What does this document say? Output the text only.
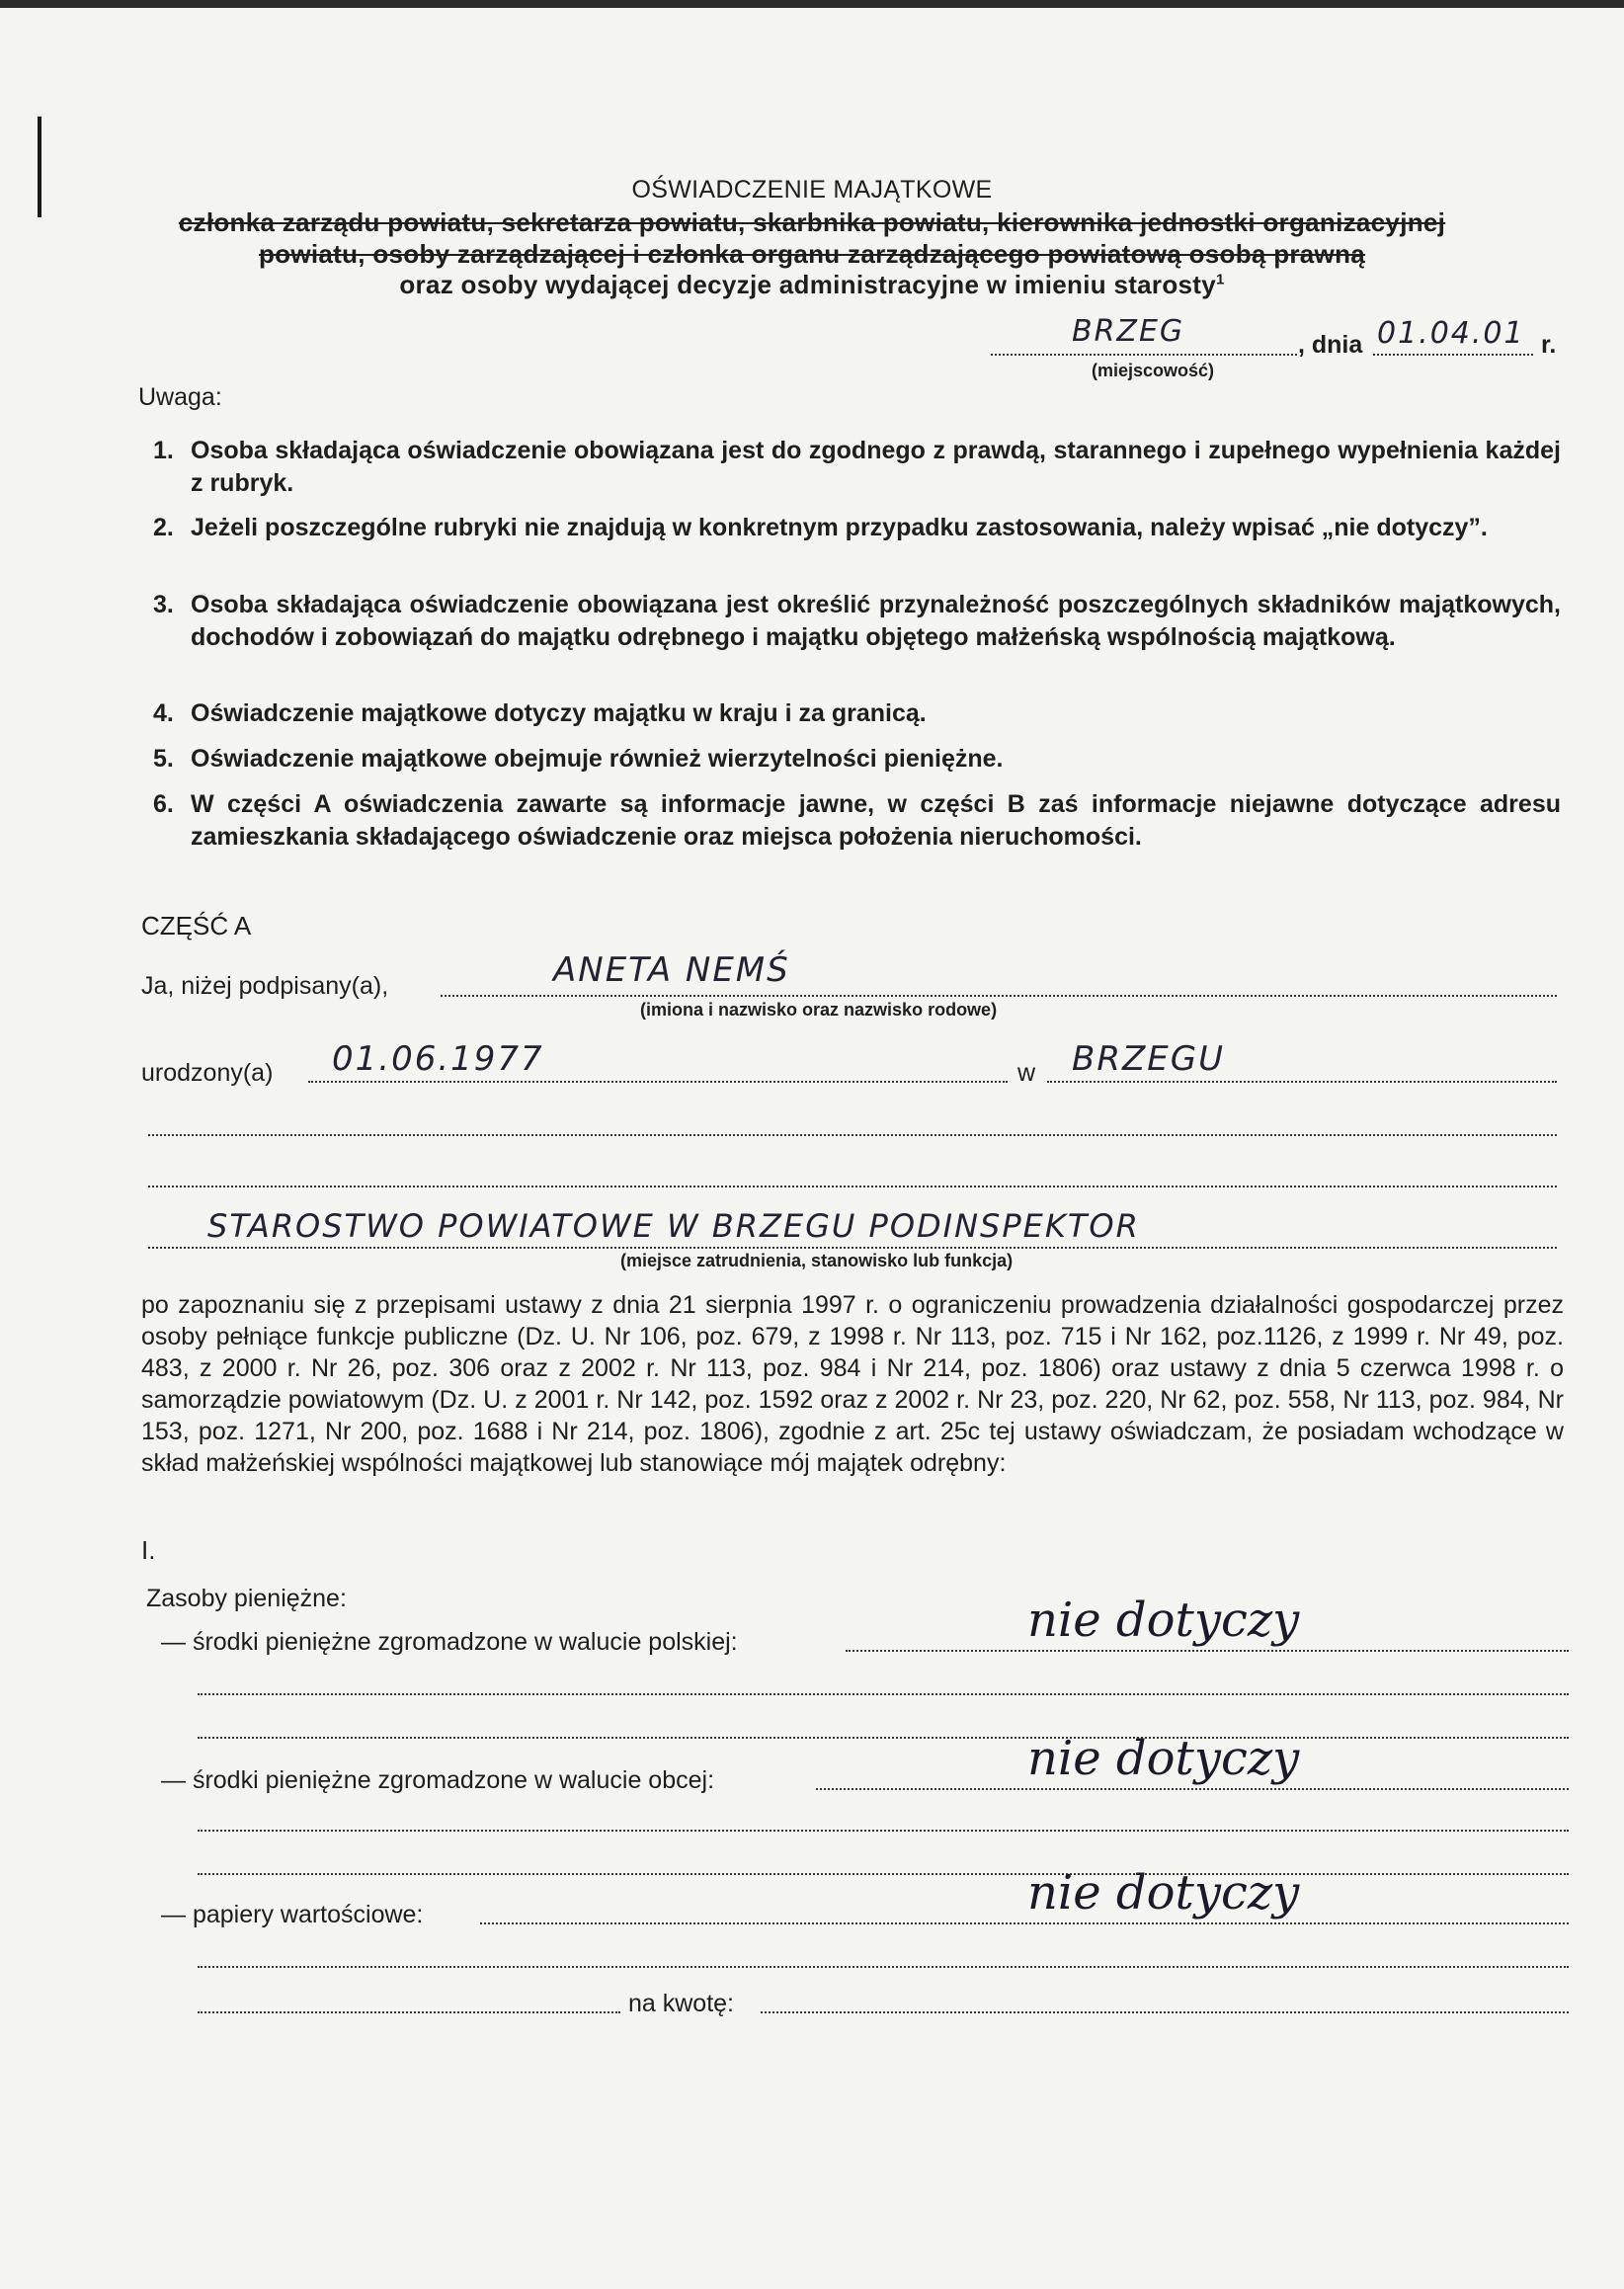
OŚWIADCZENIE MAJĄTKOWE
członka zarządu powiatu, sekretarza powiatu, skarbnika powiatu, kierownika jednostki organizacyjnej
powiatu, osoby zarządzającej i członka organu zarządzającego powiatową osobą prawną
oraz osoby wydającej decyzje administracyjne w imieniu starosty$^1$
BRZEG	, dnia 01.04.01 r.
(miejscowość)
Uwaga:
1. Osoba składająca oświadczenie obowiązana jest do zgodnego z prawdą, starannego i zupełnego wypełnienia każdej z rubryk.
2. Jeżeli poszczególne rubryki nie znajdują w konkretnym przypadku zastosowania, należy wpisać „nie dotyczy”.
3. Osoba składająca oświadczenie obowiązana jest określić przynależność poszczególnych składników majątkowych, dochodów i zobowiązań do majątku odrębnego i majątku objętego małżeńską wspólnością majątkową.
4. Oświadczenie majątkowe dotyczy majątku w kraju i za granicą.
5. Oświadczenie majątkowe obejmuje również wierzytelności pieniężne.
6. W części A oświadczenia zawarte są informacje jawne, w części B zaś informacje niejawne dotyczące adresu zamieszkania składającego oświadczenie oraz miejsca położenia nieruchomości.
CZĘŚĆ A
Ja, niżej podpisany(a),	ANETA NEMŚ
(imiona i nazwisko oraz nazwisko rodowe)
urodzony(a) 01.06.1977	w BRZEGU
STAROSTWO POWIATOWE W BRZEGU PODINSPEKTOR
(miejsce zatrudnienia, stanowisko lub funkcja)
po zapoznaniu się z przepisami ustawy z dnia 21 sierpnia 1997 r. o ograniczeniu prowadzenia działalności gospodarczej przez osoby pełniące funkcje publiczne (Dz. U. Nr 106, poz. 679, z 1998 r. Nr 113, poz. 715 i Nr 162, poz.1126, z 1999 r. Nr 49, poz. 483, z 2000 r. Nr 26, poz. 306 oraz z 2002 r. Nr 113, poz. 984 i Nr 214, poz. 1806) oraz ustawy z dnia 5 czerwca 1998 r. o samorządzie powiatowym (Dz. U. z 2001 r. Nr 142, poz. 1592 oraz z 2002 r. Nr 23, poz. 220, Nr 62, poz. 558, Nr 113, poz. 984, Nr 153, poz. 1271, Nr 200, poz. 1688 i Nr 214, poz. 1806), zgodnie z art. 25c tej ustawy oświadczam, że posiadam wchodzące w skład małżeńskiej wspólności majątkowej lub stanowiące mój majątek odrębny:
I.
Zasoby pieniężne:
— środki pieniężne zgromadzone w walucie polskiej:	nie dotyczy
— środki pieniężne zgromadzone w walucie obcej:	nie dotyczy
— papiery wartościowe:	nie dotyczy
na kwotę:
